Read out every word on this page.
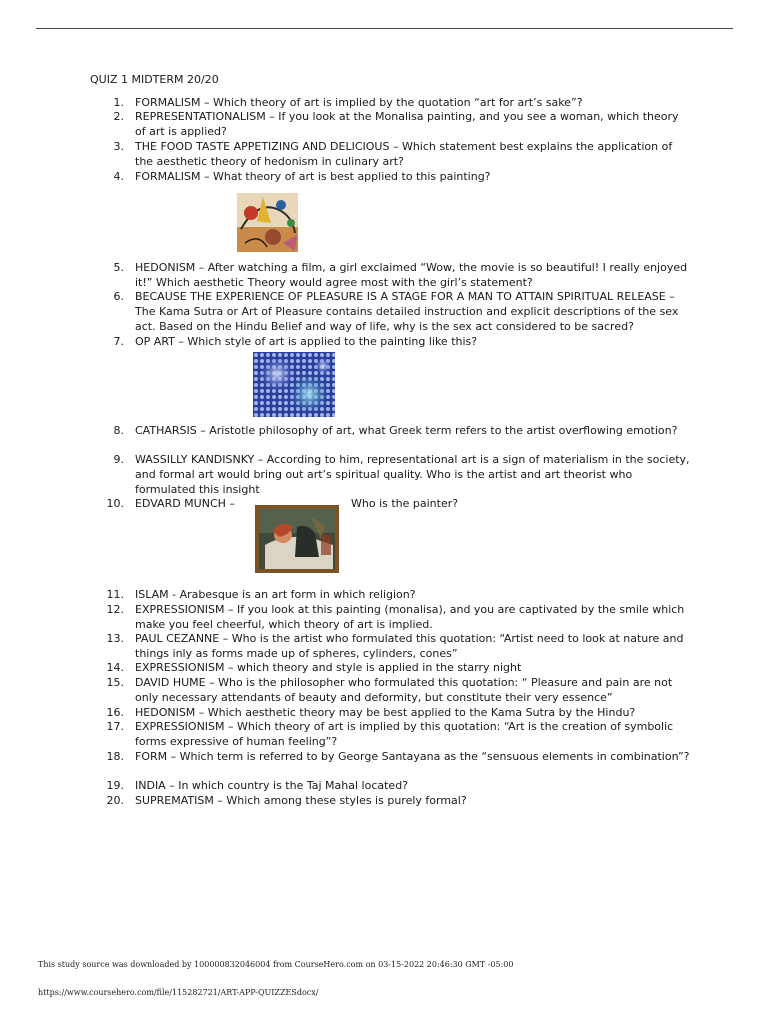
QUIZ 1 MIDTERM 20/20
1. FORMALISM – Which theory of art is implied by the quotation “art for art’s sake”?
2. REPRESENTATIONALISM – If you look at the Monalisa painting, and you see a woman, which theory of art is applied?
3. THE FOOD TASTE APPETIZING AND DELICIOUS – Which statement best explains the application of the aesthetic theory of hedonism in culinary art?
4. FORMALISM – What theory of art is best applied to this painting?
5. HEDONISM – After watching a film, a girl exclaimed “Wow, the movie is so beautiful! I really enjoyed it!” Which aesthetic Theory would agree most with the girl’s statement?
6. BECAUSE THE EXPERIENCE OF PLEASURE IS A STAGE FOR A MAN TO ATTAIN SPIRITUAL RELEASE – The Kama Sutra or Art of Pleasure contains detailed instruction and explicit descriptions of the sex act. Based on the Hindu Belief and way of life, why is the sex act considered to be sacred?
7. OP ART – Which style of art is applied to the painting like this?
8. CATHARSIS – Aristotle philosophy of art, what Greek term refers to the artist overflowing emotion?
9. WASSILLY KANDISNKY – According to him, representational art is a sign of materialism in the society, and formal art would bring out art’s spiritual quality. Who is the artist and art theorist who formulated this insight
10. EDVARD MUNCH –	Who is the painter?
11. ISLAM - Arabesque is an art form in which religion?
12. EXPRESSIONISM – If you look at this painting (monalisa), and you are captivated by the smile which make you feel cheerful, which theory of art is implied.
13. PAUL CEZANNE – Who is the artist who formulated this quotation: “Artist need to look at nature and things inly as forms made up of spheres, cylinders, cones”
14. EXPRESSIONISM – which theory and style is applied in the starry night
15. DAVID HUME – Who is the philosopher who formulated this quotation: “ Pleasure and pain are not only necessary attendants of beauty and deformity, but constitute their very essence”
16. HEDONISM – Which aesthetic theory may be best applied to the Kama Sutra by the Hindu?
17. EXPRESSIONISM – Which theory of art is implied by this quotation: “Art is the creation of symbolic forms expressive of human feeling”?
18. FORM – Which term is referred to by George Santayana as the “sensuous elements in combination”?
19. INDIA – In which country is the Taj Mahal located?
20. SUPREMATISM – Which among these styles is purely formal?
This study source was downloaded by 100000832046004 from CourseHero.com on 03-15-2022 20:46:30 GMT -05:00
https://www.coursehero.com/file/115282721/ART-APP-QUIZZESdocx/
